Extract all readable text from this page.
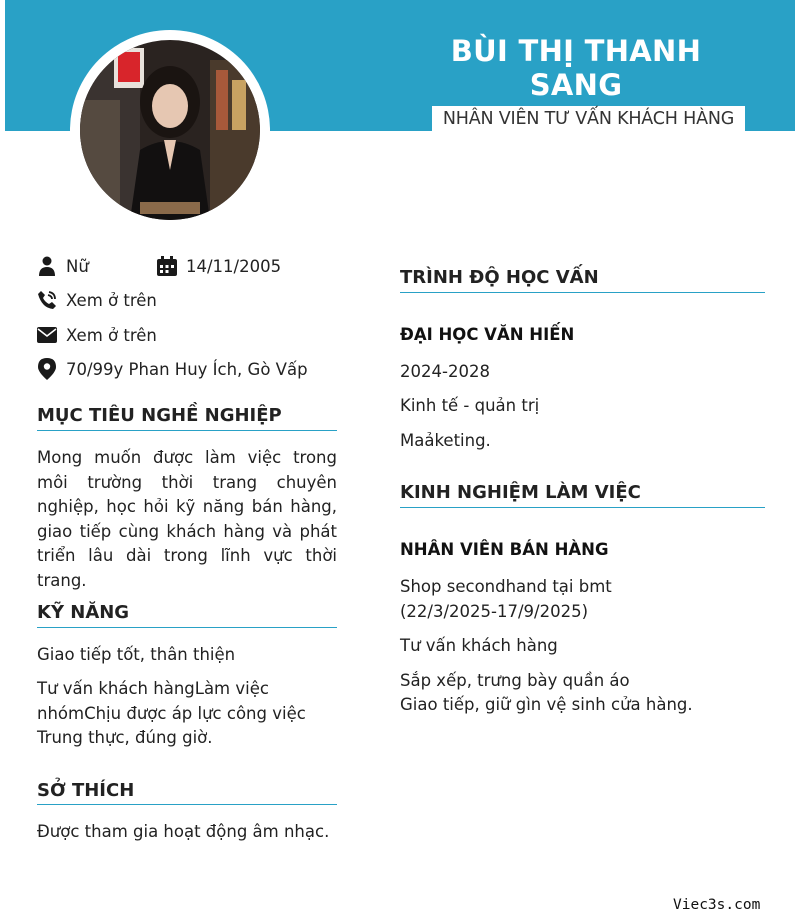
BÙI THỊ THANH SANG
NHÂN VIÊN TƯ VẤN KHÁCH HÀNG
Nữ	14/11/2005
Xem ở trên
Xem ở trên
70/99y Phan Huy Ích, Gò Vấp
MỤC TIÊU NGHỀ NGHIỆP
Mong muốn được làm việc trong môi trường thời trang chuyên nghiệp, học hỏi kỹ năng bán hàng, giao tiếp cùng khách hàng và phát triển lâu dài trong lĩnh vực thời trang.
KỸ NĂNG
Giao tiếp tốt, thân thiện
Tư vấn khách hàngLàm việc nhómChịu được áp lực công việc Trung thực, đúng giờ.
SỞ THÍCH
Được tham gia hoạt động âm nhạc.
TRÌNH ĐỘ HỌC VẤN
ĐẠI HỌC VĂN HIẾN
2024-2028
Kinh tế - quản trị
Maảketing.
KINH NGHIỆM LÀM VIỆC
NHÂN VIÊN BÁN HÀNG
Shop secondhand tại bmt (22/3/2025-17/9/2025)
Tư vấn khách hàng
Sắp xếp, trưng bày quần áo
Giao tiếp, giữ gìn vệ sinh cửa hàng.
Viec3s.com
